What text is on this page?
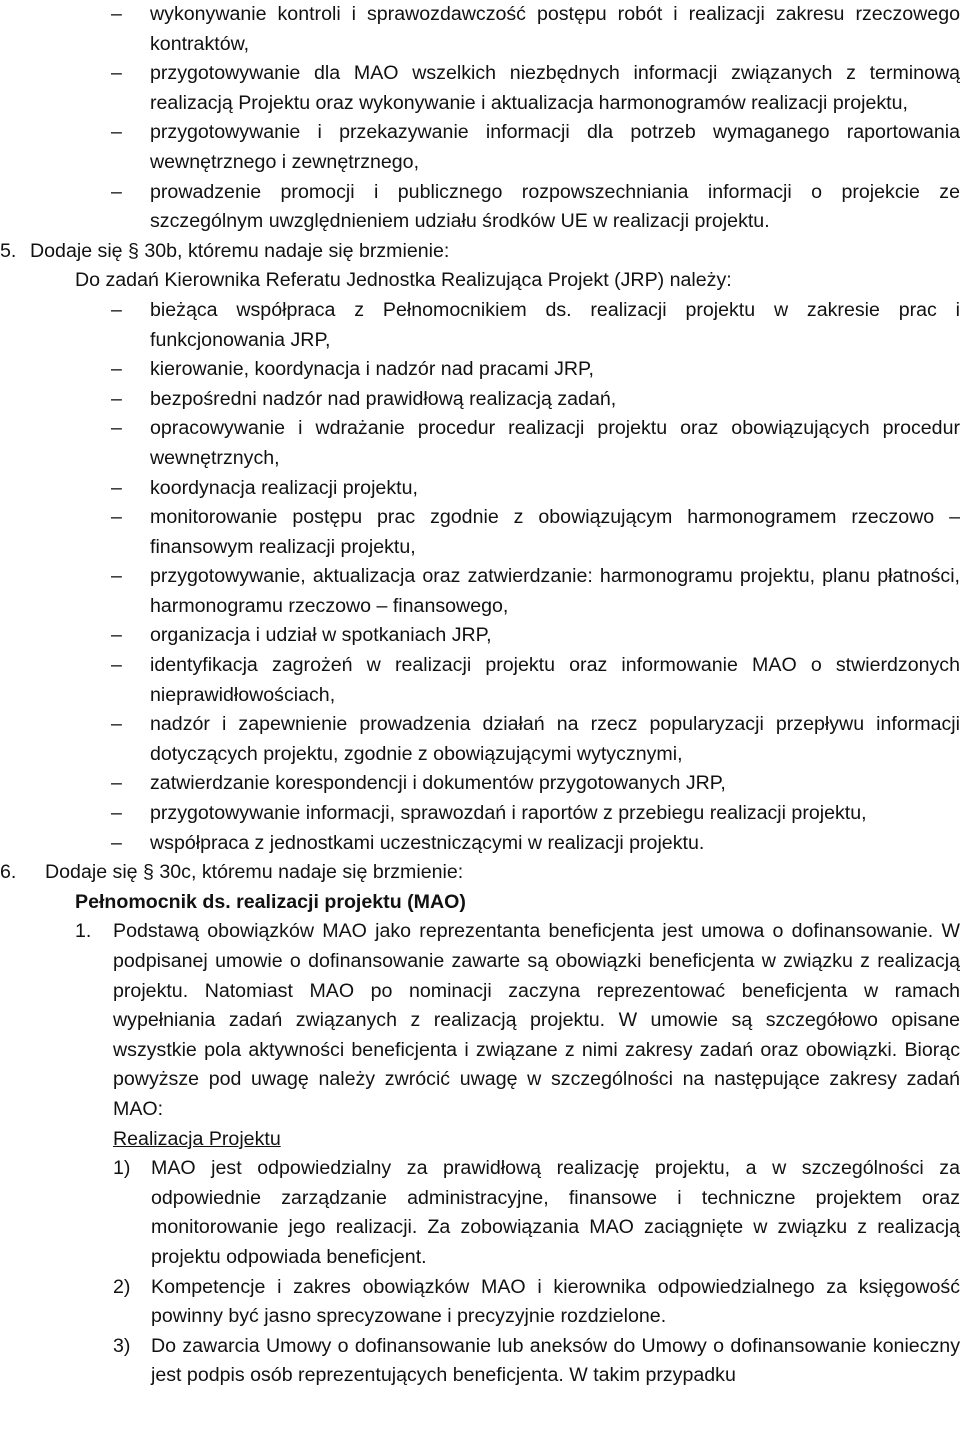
–	wykonywanie kontroli i sprawozdawczość postępu robót i realizacji zakresu rzeczowego kontraktów,
–	przygotowywanie dla MAO wszelkich niezbędnych informacji związanych z terminową realizacją Projektu oraz wykonywanie i aktualizacja harmonogramów realizacji projektu,
–	przygotowywanie i przekazywanie informacji dla potrzeb wymaganego raportowania wewnętrznego i zewnętrznego,
–	prowadzenie promocji i publicznego rozpowszechniania informacji o projekcie ze szczególnym uwzględnieniem udziału środków UE w realizacji projektu.
5. Dodaje się § 30b, któremu nadaje się brzmienie:
Do zadań Kierownika Referatu Jednostka Realizująca Projekt (JRP) należy:
–	bieżąca współpraca z Pełnomocnikiem ds. realizacji projektu w zakresie prac i funkcjonowania JRP,
–	kierowanie, koordynacja i nadzór nad pracami JRP,
–	bezpośredni nadzór nad prawidłową realizacją zadań,
–	opracowywanie i wdrażanie procedur realizacji projektu oraz obowiązujących procedur wewnętrznych,
–	koordynacja realizacji projektu,
–	monitorowanie postępu prac zgodnie z obowiązującym harmonogramem rzeczowo – finansowym realizacji projektu,
–	przygotowywanie, aktualizacja oraz zatwierdzanie: harmonogramu projektu, planu płatności, harmonogramu rzeczowo – finansowego,
–	organizacja i udział w spotkaniach JRP,
–	identyfikacja zagrożeń w realizacji projektu oraz informowanie MAO o stwierdzonych nieprawidłowościach,
–	nadzór i zapewnienie prowadzenia działań na rzecz popularyzacji przepływu informacji dotyczących projektu, zgodnie z obowiązującymi wytycznymi,
–	zatwierdzanie korespondencji i dokumentów przygotowanych JRP,
–	przygotowywanie informacji, sprawozdań i raportów z przebiegu realizacji projektu,
–	współpraca z jednostkami uczestniczącymi w realizacji projektu.
6.	Dodaje się § 30c, któremu nadaje się brzmienie:
Pełnomocnik ds. realizacji projektu (MAO)
1.	Podstawą obowiązków MAO jako reprezentanta beneficjenta jest umowa o dofinansowanie. W podpisanej umowie o dofinansowanie zawarte są obowiązki beneficjenta w związku z realizacją projektu. Natomiast MAO po nominacji zaczyna reprezentować beneficjenta w ramach wypełniania zadań związanych z realizacją projektu. W umowie są szczegółowo opisane wszystkie pola aktywności beneficjenta i związane z nimi zakresy zadań oraz obowiązki. Biorąc powyższe pod uwagę należy zwrócić uwagę w szczególności na następujące zakresy zadań MAO:
Realizacja Projektu
1)	MAO jest odpowiedzialny za prawidłową realizację projektu, a w szczególności za odpowiednie zarządzanie administracyjne, finansowe i techniczne projektem oraz monitorowanie jego realizacji. Za zobowiązania MAO zaciągnięte w związku z realizacją projektu odpowiada beneficjent.
2)	Kompetencje i zakres obowiązków MAO i kierownika odpowiedzialnego za księgowość powinny być jasno sprecyzowane i precyzyjnie rozdzielone.
3)	Do zawarcia Umowy o dofinansowanie lub aneksów do Umowy o dofinansowanie konieczny jest podpis osób reprezentujących beneficjenta. W takim przypadku
